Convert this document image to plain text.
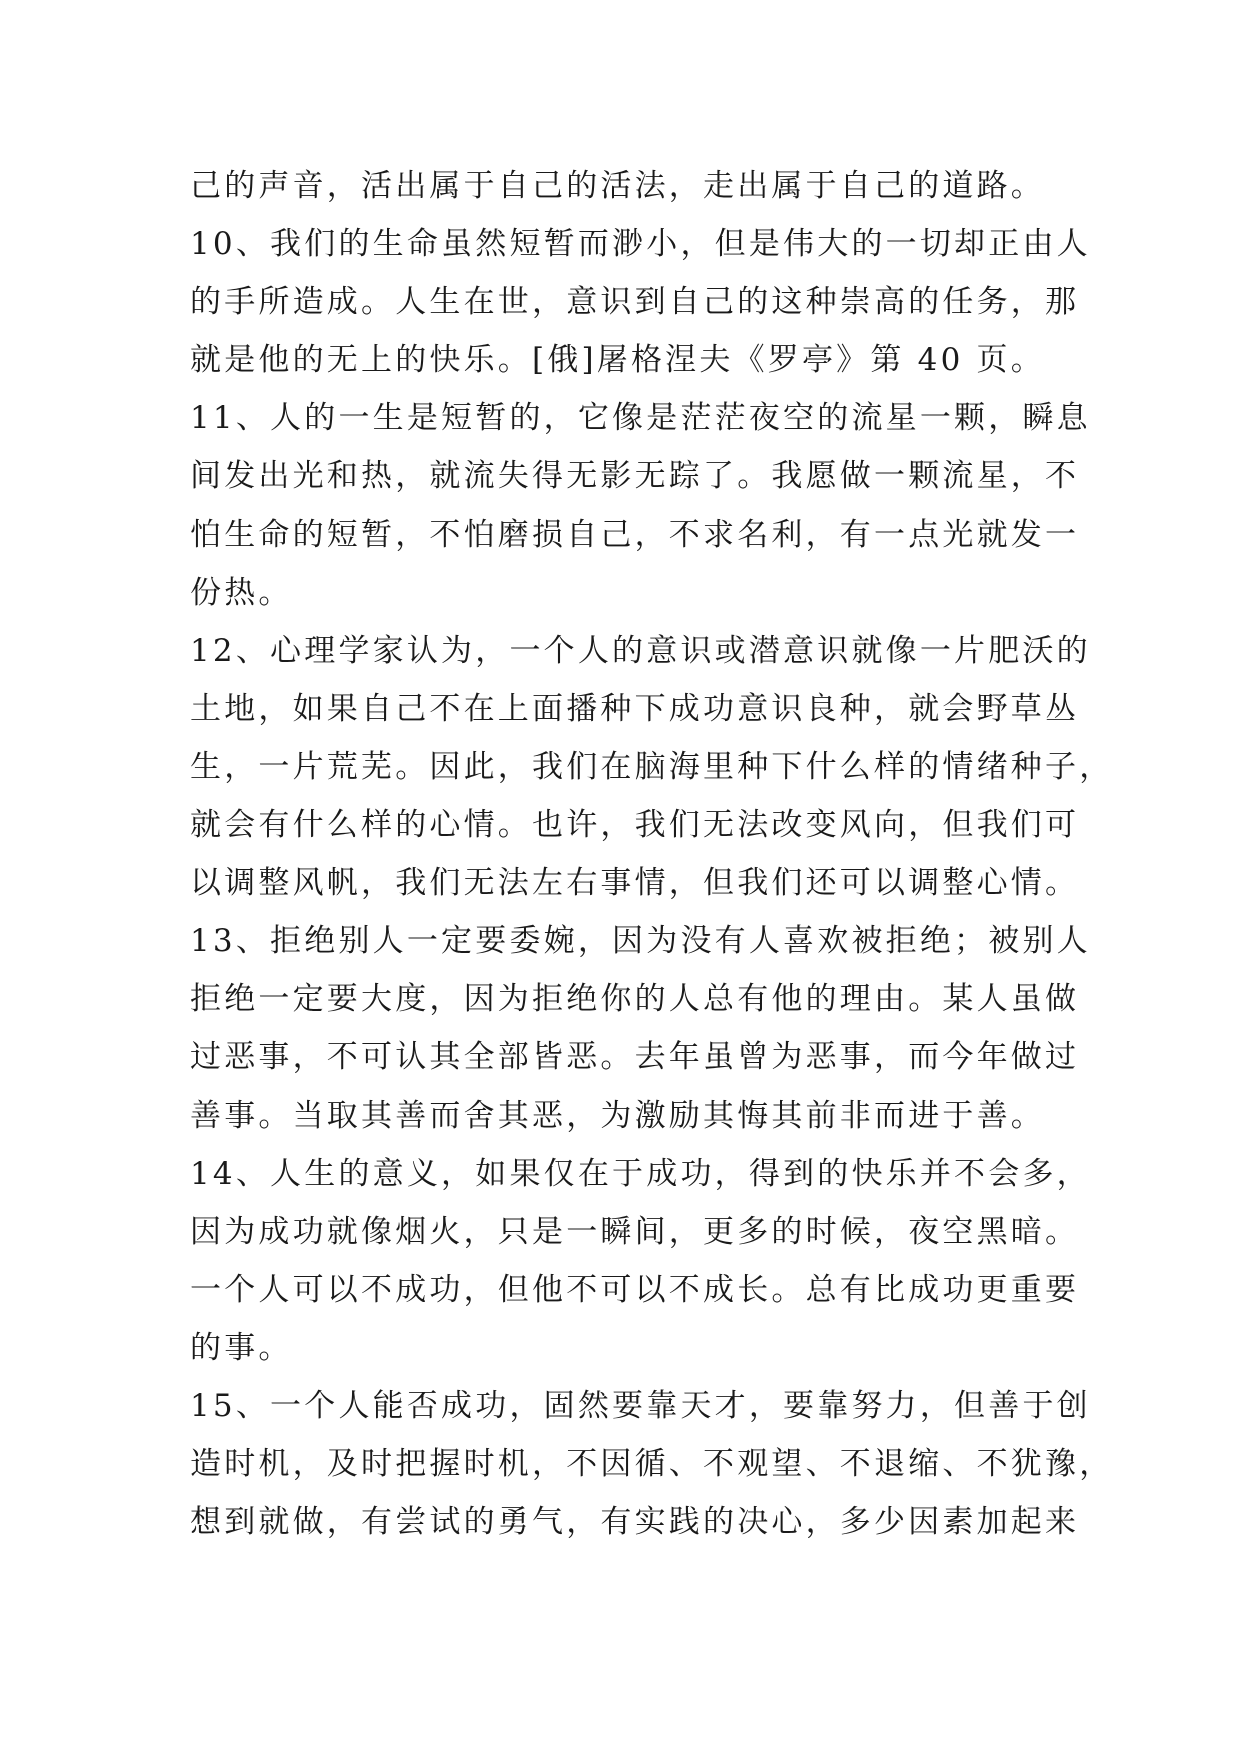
己的声音，活出属于自己的活法，走出属于自己的道路。
10、我们的生命虽然短暂而渺小，但是伟大的一切却正由人
的手所造成。人生在世，意识到自己的这种崇高的任务，那
就是他的无上的快乐。[俄]屠格涅夫《罗亭》第 40 页。
11、人的一生是短暂的，它像是茫茫夜空的流星一颗，瞬息
间发出光和热，就流失得无影无踪了。我愿做一颗流星，不
怕生命的短暂，不怕磨损自己，不求名利，有一点光就发一
份热。
12、心理学家认为，一个人的意识或潜意识就像一片肥沃的
土地，如果自己不在上面播种下成功意识良种，就会野草丛
生，一片荒芜。因此，我们在脑海里种下什么样的情绪种子，
就会有什么样的心情。也许，我们无法改变风向，但我们可
以调整风帆，我们无法左右事情，但我们还可以调整心情。
13、拒绝别人一定要委婉，因为没有人喜欢被拒绝；被别人
拒绝一定要大度，因为拒绝你的人总有他的理由。某人虽做
过恶事，不可认其全部皆恶。去年虽曾为恶事，而今年做过
善事。当取其善而舍其恶，为激励其悔其前非而进于善。
14、人生的意义，如果仅在于成功，得到的快乐并不会多，
因为成功就像烟火，只是一瞬间，更多的时候，夜空黑暗。
一个人可以不成功，但他不可以不成长。总有比成功更重要
的事。
15、一个人能否成功，固然要靠天才，要靠努力，但善于创
造时机，及时把握时机，不因循、不观望、不退缩、不犹豫，
想到就做，有尝试的勇气，有实践的决心，多少因素加起来
